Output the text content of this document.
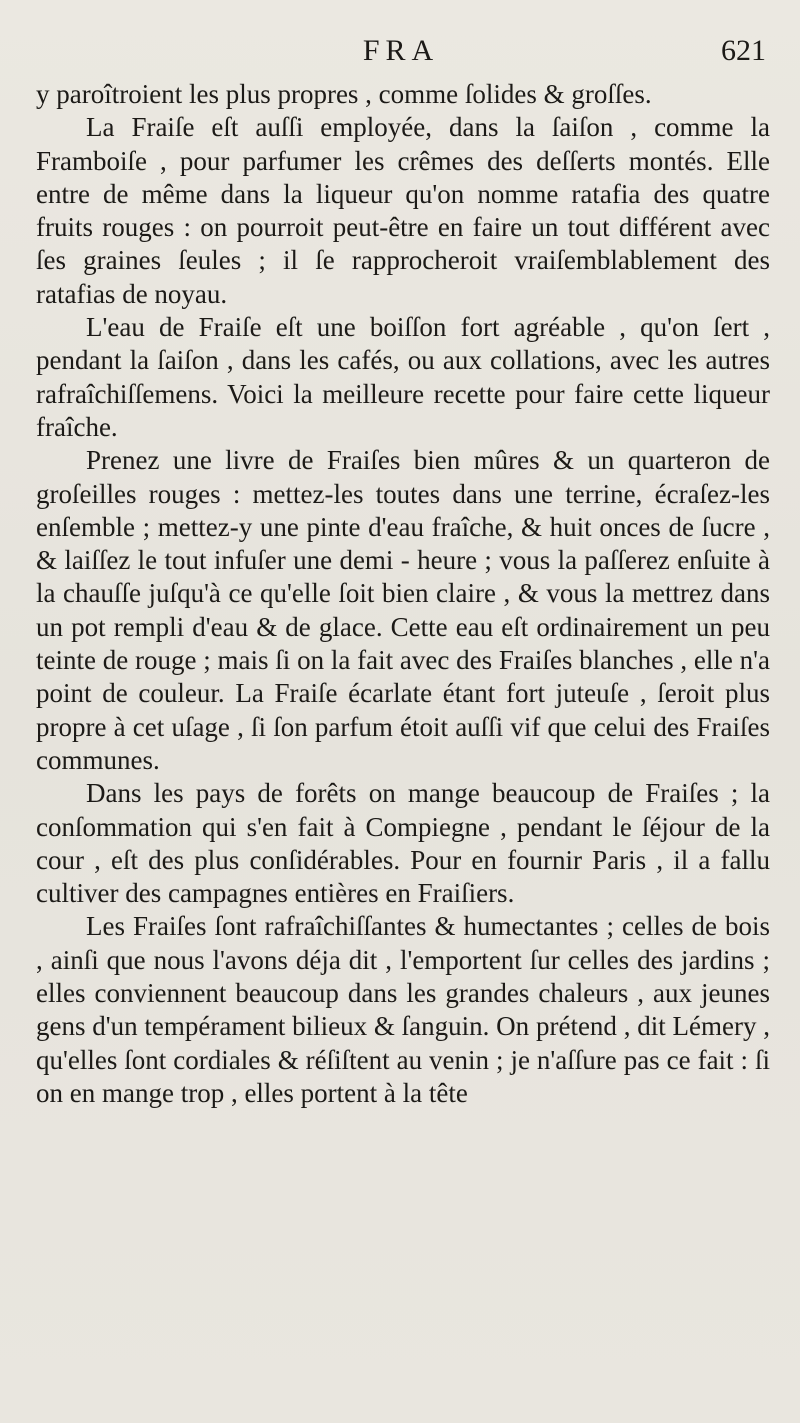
FRA	621

y paroîtroient les plus propres , comme ſolides & groſſes.

La Fraiſe eſt auſſi employée, dans la ſaiſon , comme la Framboiſe , pour parfumer les crêmes des deſſerts montés. Elle entre de même dans la liqueur qu'on nomme ratafia des quatre fruits rouges : on pourroit peut-être en faire un tout différent avec ſes graines ſeules ; il ſe rapprocheroit vraiſemblablement des ratafias de noyau.

L'eau de Fraiſe eſt une boiſſon fort agréable , qu'on ſert , pendant la ſaiſon , dans les cafés, ou aux collations, avec les autres rafraîchiſſemens. Voici la meilleure recette pour faire cette liqueur fraîche.

Prenez une livre de Fraiſes bien mûres & un quarteron de groſeilles rouges : mettez-les toutes dans une terrine, écraſez-les enſemble ; mettez-y une pinte d'eau fraîche, & huit onces de ſucre , & laiſſez le tout infuſer une demi - heure ; vous la paſſerez enſuite à la chauſſe juſqu'à ce qu'elle ſoit bien claire , & vous la mettrez dans un pot rempli d'eau & de glace. Cette eau eſt ordinairement un peu teinte de rouge ; mais ſi on la fait avec des Fraiſes blanches , elle n'a point de couleur. La Fraiſe écarlate étant fort juteuſe , ſeroit plus propre à cet uſage , ſi ſon parfum étoit auſſi vif que celui des Fraiſes communes.

Dans les pays de forêts on mange beaucoup de Fraiſes ; la conſommation qui s'en fait à Compiegne , pendant le ſéjour de la cour , eſt des plus conſidérables. Pour en fournir Paris , il a fallu cultiver des campagnes entières en Fraiſiers.

Les Fraiſes ſont rafraîchiſſantes & humectantes ; celles de bois , ainſi que nous l'avons déja dit , l'emportent ſur celles des jardins ; elles conviennent beaucoup dans les grandes chaleurs , aux jeunes gens d'un tempérament bilieux & ſanguin. On prétend , dit Lémery , qu'elles ſont cordiales & réſiſtent au venin ; je n'aſſure pas ce fait : ſi on en mange trop , elles portent à la tête
